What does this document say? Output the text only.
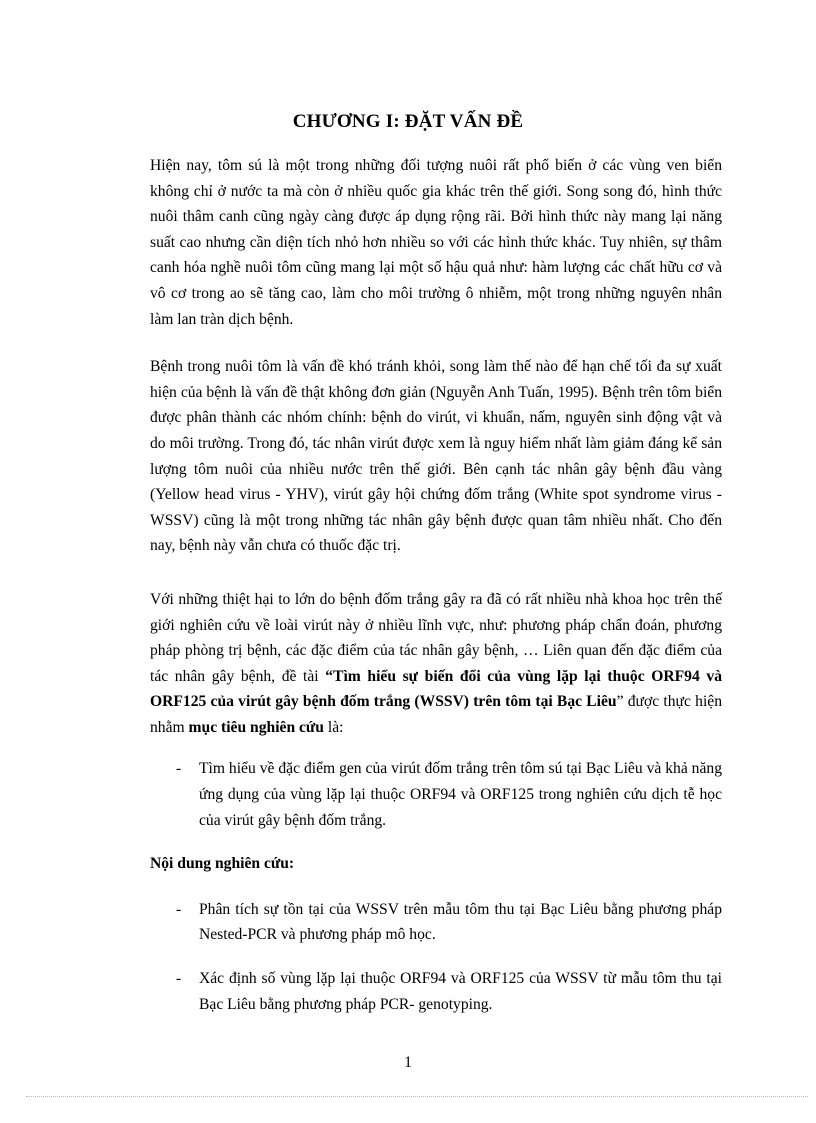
CHƯƠNG I: ĐẶT VẤN ĐỀ

Hiện nay, tôm sú là một trong những đối tượng nuôi rất phổ biến ở các vùng ven biển không chỉ ở nước ta mà còn ở nhiều quốc gia khác trên thế giới. Song song đó, hình thức nuôi thâm canh cũng ngày càng được áp dụng rộng rãi. Bởi hình thức này mang lại năng suất cao nhưng cần diện tích nhỏ hơn nhiều so với các hình thức khác. Tuy nhiên, sự thâm canh hóa nghề nuôi tôm cũng mang lại một số hậu quả như: hàm lượng các chất hữu cơ và vô cơ trong ao sẽ tăng cao, làm cho môi trường ô nhiễm, một trong những nguyên nhân làm lan tràn dịch bệnh.

Bệnh trong nuôi tôm là vấn đề khó tránh khỏi, song làm thế nào để hạn chế tối đa sự xuất hiện của bệnh là vấn đề thật không đơn giản (Nguyễn Anh Tuấn, 1995). Bệnh trên tôm biển được phân thành các nhóm chính: bệnh do virút, vi khuẩn, nấm, nguyên sinh động vật và do môi trường. Trong đó, tác nhân virút được xem là nguy hiểm nhất làm giảm đáng kể sản lượng tôm nuôi của nhiều nước trên thế giới. Bên cạnh tác nhân gây bệnh đầu vàng (Yellow head virus - YHV), virút gây hội chứng đốm trắng (White spot syndrome virus - WSSV) cũng là một trong những tác nhân gây bệnh được quan tâm nhiều nhất. Cho đến nay, bệnh này vẫn chưa có thuốc đặc trị.

Với những thiệt hại to lớn do bệnh đốm trắng gây ra đã có rất nhiều nhà khoa học trên thế giới nghiên cứu về loài virút này ở nhiều lĩnh vực, như: phương pháp chẩn đoán, phương pháp phòng trị bệnh, các đặc điểm của tác nhân gây bệnh, … Liên quan đến đặc điểm của tác nhân gây bệnh, đề tài “Tìm hiểu sự biến đổi của vùng lặp lại thuộc ORF94 và ORF125 của virút gây bệnh đốm trắng (WSSV) trên tôm tại Bạc Liêu” được thực hiện nhằm mục tiêu nghiên cứu là:

- Tìm hiểu về đặc điểm gen của virút đốm trắng trên tôm sú tại Bạc Liêu và khả năng ứng dụng của vùng lặp lại thuộc ORF94 và ORF125 trong nghiên cứu dịch tễ học của virút gây bệnh đốm trắng.
Nội dung nghiên cứu:
- Phân tích sự tồn tại của WSSV trên mẫu tôm thu tại Bạc Liêu bằng phương pháp Nested-PCR và phương pháp mô học.
- Xác định số vùng lặp lại thuộc ORF94 và ORF125 của WSSV từ mẫu tôm thu tại Bạc Liêu bằng phương pháp PCR- genotyping.
1
